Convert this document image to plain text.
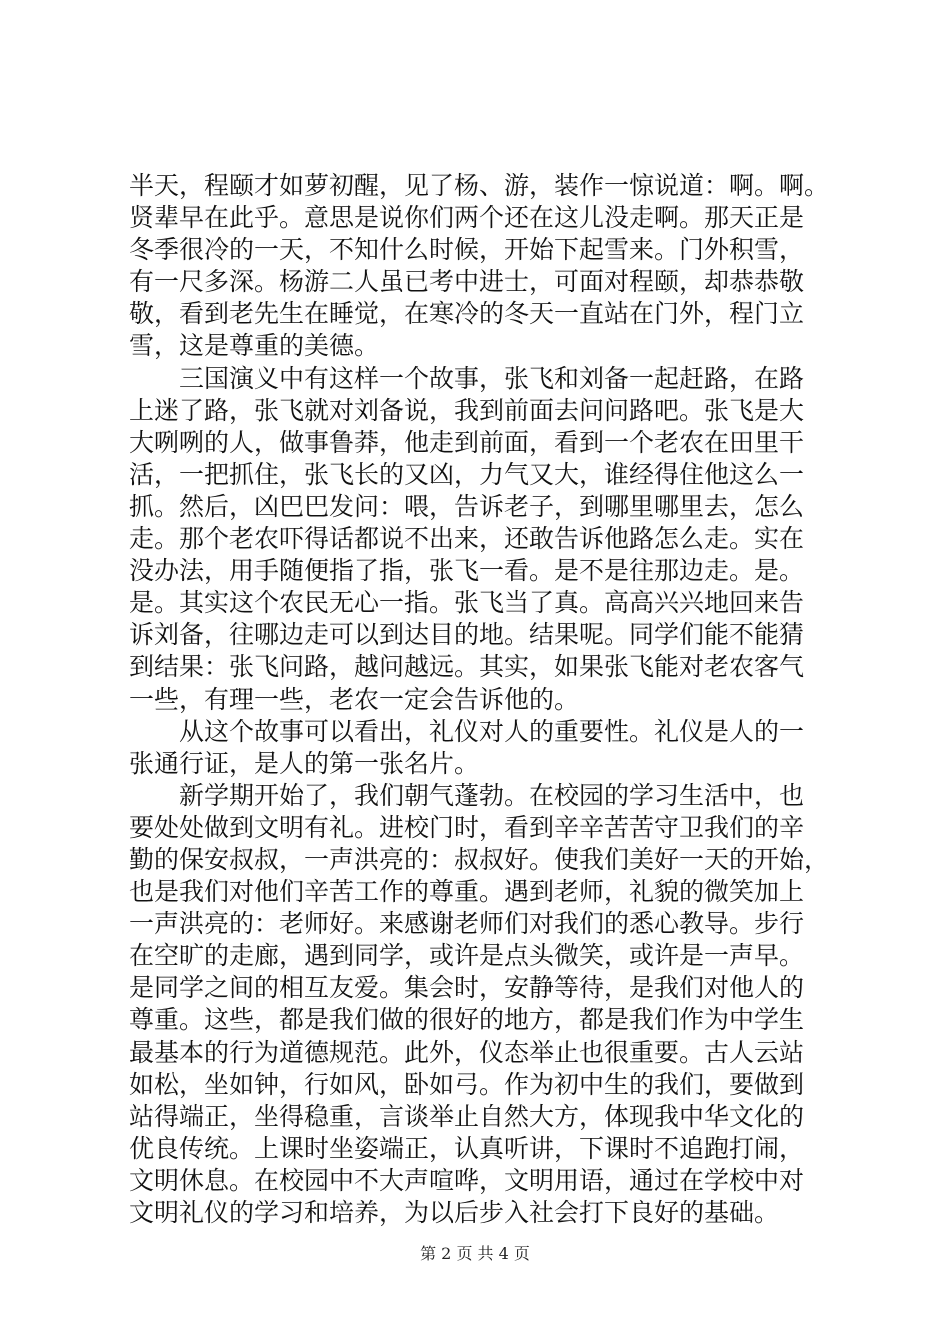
半天，程颐才如萝初醒，见了杨、游，装作一惊说道：啊。啊。
贤辈早在此乎。意思是说你们两个还在这儿没走啊。那天正是
冬季很冷的一天，不知什么时候，开始下起雪来。门外积雪，
有一尺多深。杨游二人虽已考中进士，可面对程颐，却恭恭敬
敬，看到老先生在睡觉，在寒冷的冬天一直站在门外，程门立
雪，这是尊重的美德。
　　三国演义中有这样一个故事，张飞和刘备一起赶路，在路
上迷了路，张飞就对刘备说，我到前面去问问路吧。张飞是大
大咧咧的人，做事鲁莽，他走到前面，看到一个老农在田里干
活，一把抓住，张飞长的又凶，力气又大，谁经得住他这么一
抓。然后，凶巴巴发问：喂，告诉老子，到哪里哪里去，怎么
走。那个老农吓得话都说不出来，还敢告诉他路怎么走。实在
没办法，用手随便指了指，张飞一看。是不是往那边走。是。
是。其实这个农民无心一指。张飞当了真。高高兴兴地回来告
诉刘备，往哪边走可以到达目的地。结果呢。同学们能不能猜
到结果：张飞问路，越问越远。其实，如果张飞能对老农客气
一些，有理一些，老农一定会告诉他的。
　　从这个故事可以看出，礼仪对人的重要性。礼仪是人的一
张通行证，是人的第一张名片。
　　新学期开始了，我们朝气蓬勃。在校园的学习生活中，也
要处处做到文明有礼。进校门时，看到辛辛苦苦守卫我们的辛
勤的保安叔叔，一声洪亮的：叔叔好。使我们美好一天的开始，
也是我们对他们辛苦工作的尊重。遇到老师，礼貌的微笑加上
一声洪亮的：老师好。来感谢老师们对我们的悉心教导。步行
在空旷的走廊，遇到同学，或许是点头微笑，或许是一声早。
是同学之间的相互友爱。集会时，安静等待，是我们对他人的
尊重。这些，都是我们做的很好的地方，都是我们作为中学生
最基本的行为道德规范。此外，仪态举止也很重要。古人云站
如松，坐如钟，行如风，卧如弓。作为初中生的我们，要做到
站得端正，坐得稳重，言谈举止自然大方，体现我中华文化的
优良传统。上课时坐姿端正，认真听讲，下课时不追跑打闹，
文明休息。在校园中不大声喧哗，文明用语，通过在学校中对
文明礼仪的学习和培养，为以后步入社会打下良好的基础。
第 2 页 共 4 页
